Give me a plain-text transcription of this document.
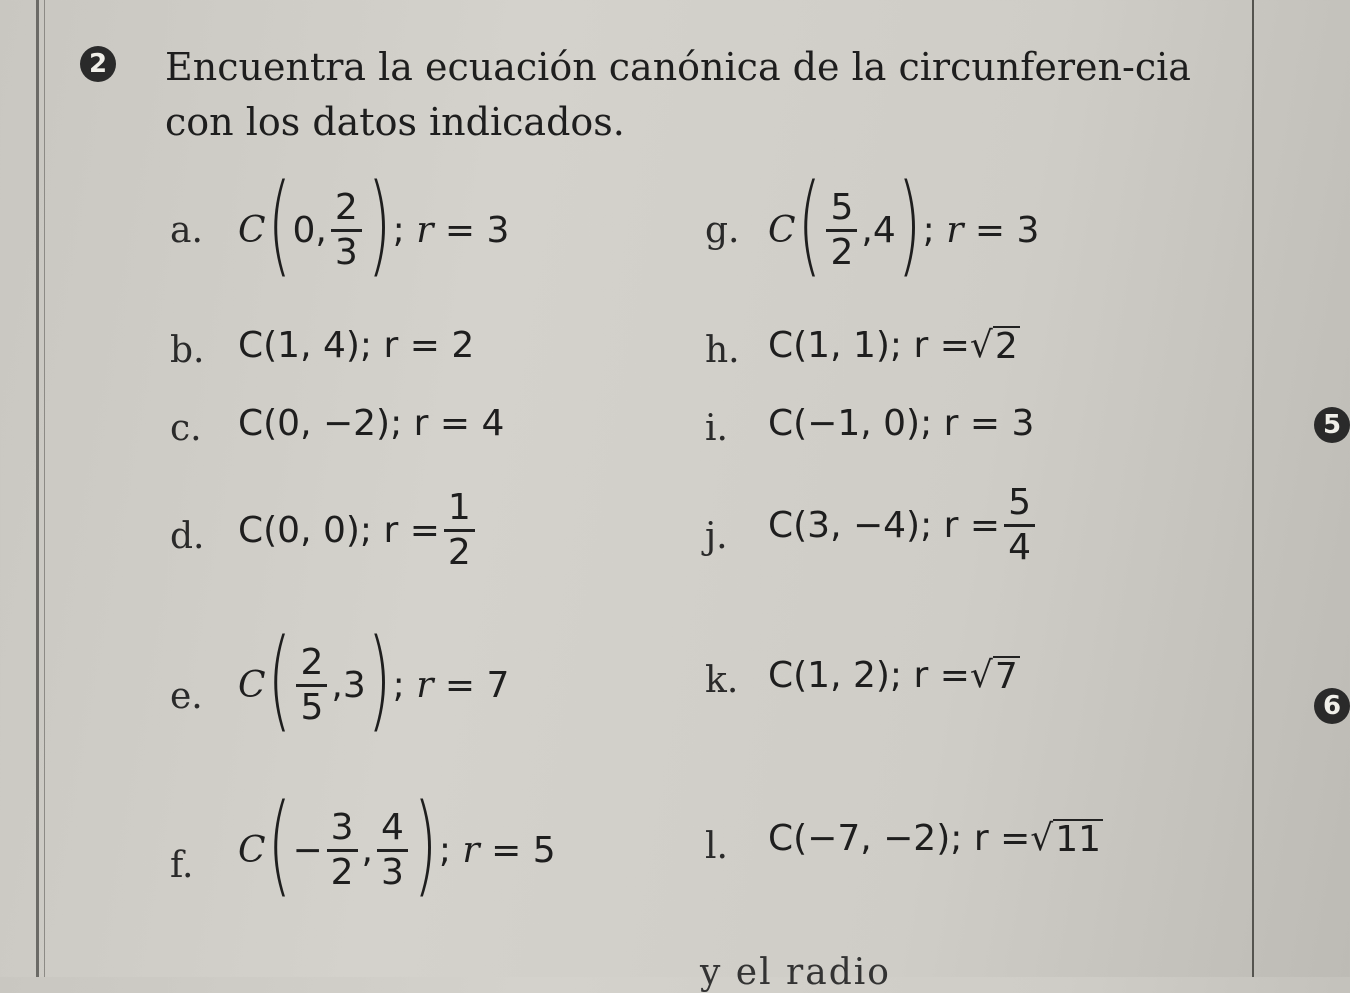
2
5
6
Encuentra la ecuación canónica de la circunferen-cia con los datos indicados.
a. C ( 0 , $\frac{2}{3}$ ) ; r = 3
b. C(1, 4); r = 2
c. C(0, −2); r = 4
d. C(0, 0); $r = \frac{1}{2}$
e. C ( $\frac{2}{5}$ , 3 ) ; r = 7
f. C ( − $\frac{3}{2}$ , $\frac{4}{3}$ ) ; r = 5
g. C ( $\frac{5}{2}$ , 4 ) ; r = 3
h. C(1, 1); r = √ 2
i. C(−1, 0); r = 3
j. C(3, −4); $r = \frac{5}{4}$
k. C(1, 2); r = √ 7
l. C(−7, −2); r = √ 11
y el radio
